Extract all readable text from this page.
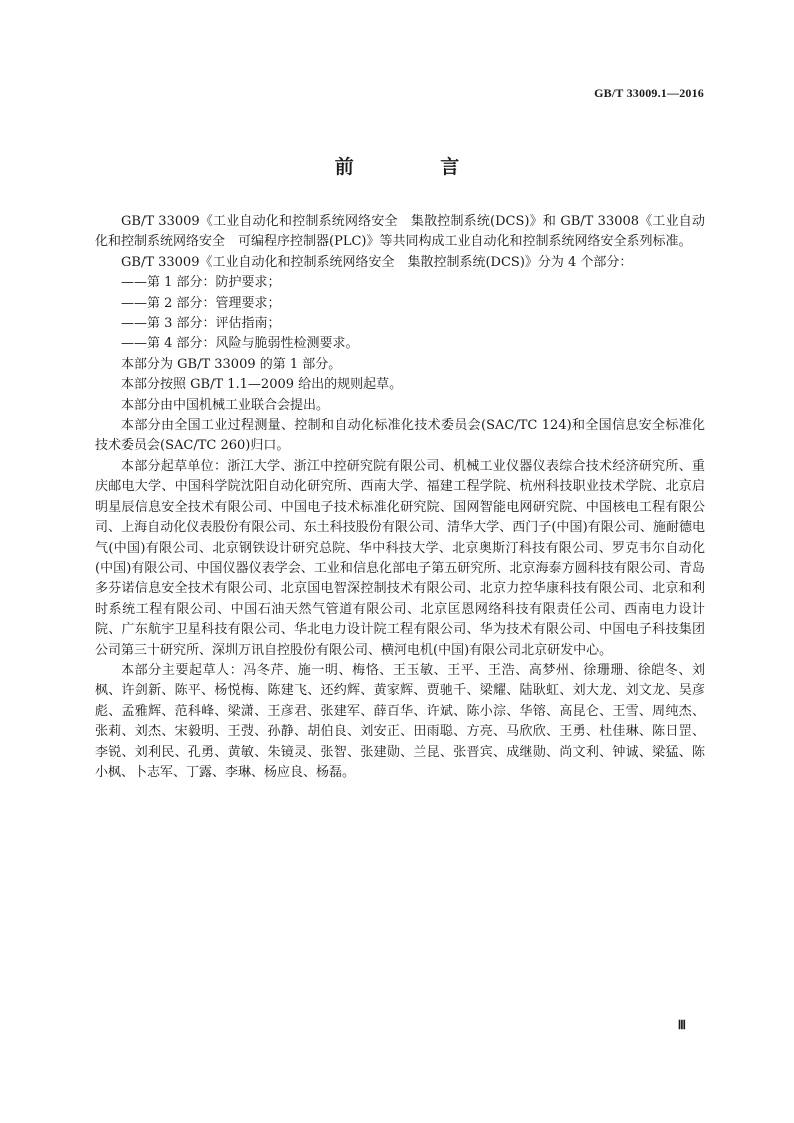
GB/T 33009.1—2016
前 言

GB/T 33009《工业自动化和控制系统网络安全　集散控制系统(DCS)》和 GB/T 33008《工业自动化和控制系统网络安全　可编程序控制器(PLC)》等共同构成工业自动化和控制系统网络安全系列标准。

GB/T 33009《工业自动化和控制系统网络安全　集散控制系统(DCS)》分为 4 个部分：

——第 1 部分：防护要求；

——第 2 部分：管理要求；

——第 3 部分：评估指南；

——第 4 部分：风险与脆弱性检测要求。

本部分为 GB/T 33009 的第 1 部分。

本部分按照 GB/T 1.1—2009 给出的规则起草。

本部分由中国机械工业联合会提出。

本部分由全国工业过程测量、控制和自动化标准化技术委员会(SAC/TC 124)和全国信息安全标准化技术委员会(SAC/TC 260)归口。

本部分起草单位：浙江大学、浙江中控研究院有限公司、机械工业仪器仪表综合技术经济研究所、重庆邮电大学、中国科学院沈阳自动化研究所、西南大学、福建工程学院、杭州科技职业技术学院、北京启明星辰信息安全技术有限公司、中国电子技术标准化研究院、国网智能电网研究院、中国核电工程有限公司、上海自动化仪表股份有限公司、东土科技股份有限公司、清华大学、西门子(中国)有限公司、施耐德电气(中国)有限公司、北京钢铁设计研究总院、华中科技大学、北京奥斯汀科技有限公司、罗克韦尔自动化(中国)有限公司、中国仪器仪表学会、工业和信息化部电子第五研究所、北京海泰方圆科技有限公司、青岛多芬诺信息安全技术有限公司、北京国电智深控制技术有限公司、北京力控华康科技有限公司、北京和利时系统工程有限公司、中国石油天然气管道有限公司、北京匡恩网络科技有限责任公司、西南电力设计院、广东航宇卫星科技有限公司、华北电力设计院工程有限公司、华为技术有限公司、中国电子科技集团公司第三十研究所、深圳万讯自控股份有限公司、横河电机(中国)有限公司北京研发中心。

本部分主要起草人：冯冬芹、施一明、梅恪、王玉敏、王平、王浩、高梦州、徐珊珊、徐皑冬、刘枫、许剑新、陈平、杨悦梅、陈建飞、还约辉、黄家辉、贾驰千、梁耀、陆耿虹、刘大龙、刘文龙、吴彦彪、孟雅辉、范科峰、梁潇、王彦君、张建军、薛百华、许斌、陈小淙、华镕、高昆仑、王雪、周纯杰、张莉、刘杰、宋毅明、王弢、孙静、胡伯良、刘安正、田雨聪、方亮、马欣欣、王勇、杜佳琳、陈日罡、李锐、刘利民、孔勇、黄敏、朱镜灵、张智、张建勋、兰昆、张晋宾、成继勋、尚文利、钟诚、梁猛、陈小枫、卜志军、丁露、李琳、杨应良、杨磊。

Ⅲ
